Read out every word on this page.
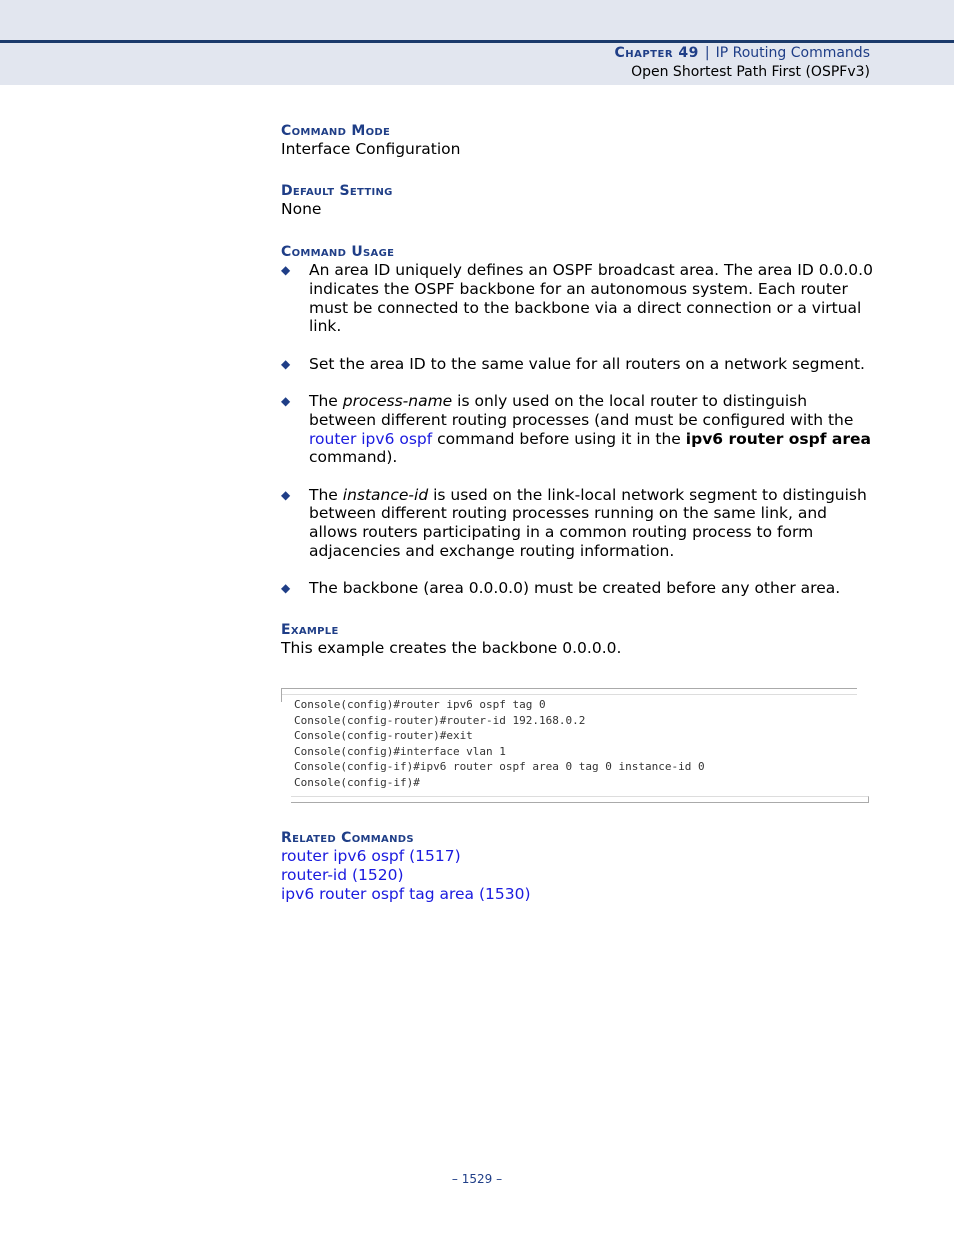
Chapter 49 | IP Routing Commands
Open Shortest Path First (OSPFv3)
Command Mode
Interface Configuration
Default Setting
None
Command Usage
◆ An area ID uniquely defines an OSPF broadcast area. The area ID 0.0.0.0 indicates the OSPF backbone for an autonomous system. Each router must be connected to the backbone via a direct connection or a virtual link.
◆ Set the area ID to the same value for all routers on a network segment.
◆ The process-name is only used on the local router to distinguish between different routing processes (and must be configured with the router ipv6 ospf command before using it in the ipv6 router ospf area command).
◆ The instance-id is used on the link-local network segment to distinguish between different routing processes running on the same link, and allows routers participating in a common routing process to form adjacencies and exchange routing information.
◆ The backbone (area 0.0.0.0) must be created before any other area.
Example
This example creates the backbone 0.0.0.0.
Console(config)#router ipv6 ospf tag 0
Console(config-router)#router-id 192.168.0.2
Console(config-router)#exit
Console(config)#interface vlan 1
Console(config-if)#ipv6 router ospf area 0 tag 0 instance-id 0
Console(config-if)#
Related Commands
router ipv6 ospf (1517)
router-id (1520)
ipv6 router ospf tag area (1530)
– 1529 –
